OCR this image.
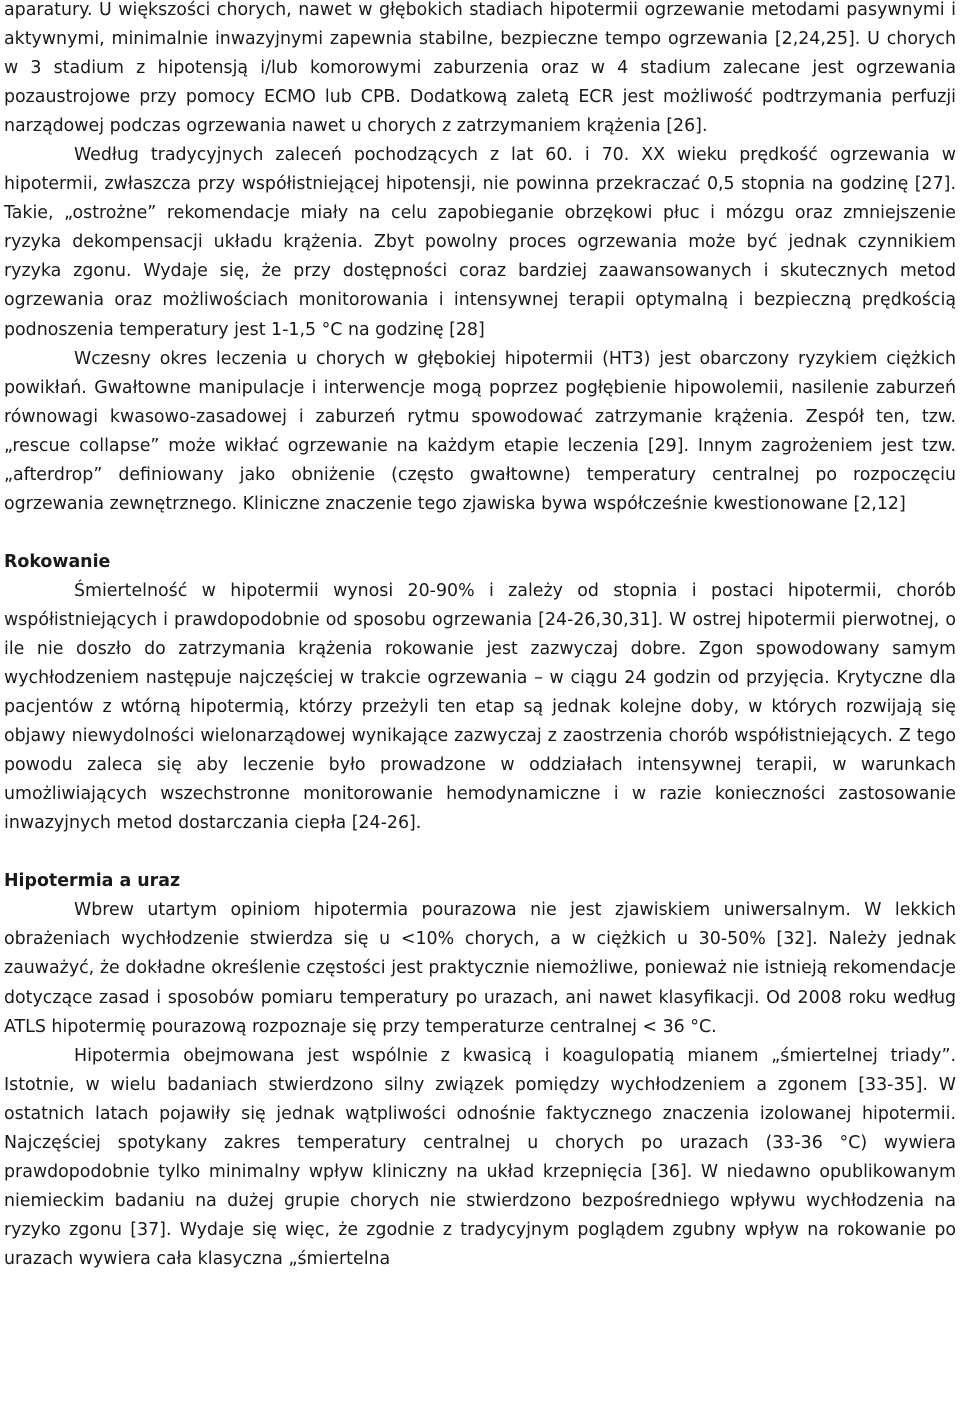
aparatury. U większości chorych, nawet w głębokich stadiach hipotermii ogrzewanie metodami pasywnymi i aktywnymi, minimalnie inwazyjnymi zapewnia stabilne, bezpieczne tempo ogrzewania [2,24,25]. U chorych w 3 stadium z hipotensją i/lub komorowymi zaburzenia oraz w 4 stadium zalecane jest ogrzewania pozaustrojowe przy pomocy ECMO lub CPB. Dodatkową zaletą ECR jest możliwość podtrzymania perfuzji narządowej podczas ogrzewania nawet u chorych z zatrzymaniem krążenia [26].

Według tradycyjnych zaleceń pochodzących z lat 60. i 70. XX wieku prędkość ogrzewania w hipotermii, zwłaszcza przy współistniejącej hipotensji, nie powinna przekraczać 0,5 stopnia na godzinę [27]. Takie, „ostrożne” rekomendacje miały na celu zapobieganie obrzękowi płuc i mózgu oraz zmniejszenie ryzyka dekompensacji układu krążenia. Zbyt powolny proces ogrzewania może być jednak czynnikiem ryzyka zgonu. Wydaje się, że przy dostępności coraz bardziej zaawansowanych i skutecznych metod ogrzewania oraz możliwościach monitorowania i intensywnej terapii optymalną i bezpieczną prędkością podnoszenia temperatury jest 1-1,5 °C na godzinę [28]

Wczesny okres leczenia u chorych w głębokiej hipotermii (HT3) jest obarczony ryzykiem ciężkich powikłań. Gwałtowne manipulacje i interwencje mogą poprzez pogłębienie hipowolemii, nasilenie zaburzeń równowagi kwasowo-zasadowej i zaburzeń rytmu spowodować zatrzymanie krążenia. Zespół ten, tzw. „rescue collapse” może wikłać ogrzewanie na każdym etapie leczenia [29]. Innym zagrożeniem jest tzw. „afterdrop” definiowany jako obniżenie (często gwałtowne) temperatury centralnej po rozpoczęciu ogrzewania zewnętrznego. Kliniczne znaczenie tego zjawiska bywa współcześnie kwestionowane [2,12]

Rokowanie

Śmiertelność w hipotermii wynosi 20-90% i zależy od stopnia i postaci hipotermii, chorób współistniejących i prawdopodobnie od sposobu ogrzewania [24-26,30,31]. W ostrej hipotermii pierwotnej, o ile nie doszło do zatrzymania krążenia rokowanie jest zazwyczaj dobre. Zgon spowodowany samym wychłodzeniem następuje najczęściej w trakcie ogrzewania – w ciągu 24 godzin od przyjęcia. Krytyczne dla pacjentów z wtórną hipotermią, którzy przeżyli ten etap są jednak kolejne doby, w których rozwijają się objawy niewydolności wielonarządowej wynikające zazwyczaj z zaostrzenia chorób współistniejących. Z tego powodu zaleca się aby leczenie było prowadzone w oddziałach intensywnej terapii, w warunkach umożliwiających wszechstronne monitorowanie hemodynamiczne i w razie konieczności zastosowanie inwazyjnych metod dostarczania ciepła [24-26].

Hipotermia a uraz

Wbrew utartym opiniom hipotermia pourazowa nie jest zjawiskiem uniwersalnym. W lekkich obrażeniach wychłodzenie stwierdza się u <10% chorych, a w ciężkich u 30-50% [32]. Należy jednak zauważyć, że dokładne określenie częstości jest praktycznie niemożliwe, ponieważ nie istnieją rekomendacje dotyczące zasad i sposobów pomiaru temperatury po urazach, ani nawet klasyfikacji. Od 2008 roku według ATLS hipotermię pourazową rozpoznaje się przy temperaturze centralnej < 36 °C.

Hipotermia obejmowana jest wspólnie z kwasicą i koagulopatią mianem „śmiertelnej triady”. Istotnie, w wielu badaniach stwierdzono silny związek pomiędzy wychłodzeniem a zgonem [33-35]. W ostatnich latach pojawiły się jednak wątpliwości odnośnie faktycznego znaczenia izolowanej hipotermii. Najczęściej spotykany zakres temperatury centralnej u chorych po urazach (33-36 °C) wywiera prawdopodobnie tylko minimalny wpływ kliniczny na układ krzepnięcia [36]. W niedawno opublikowanym niemieckim badaniu na dużej grupie chorych nie stwierdzono bezpośredniego wpływu wychłodzenia na ryzyko zgonu [37]. Wydaje się więc, że zgodnie z tradycyjnym poglądem zgubny wpływ na rokowanie po urazach wywiera cała klasyczna „śmiertelna
